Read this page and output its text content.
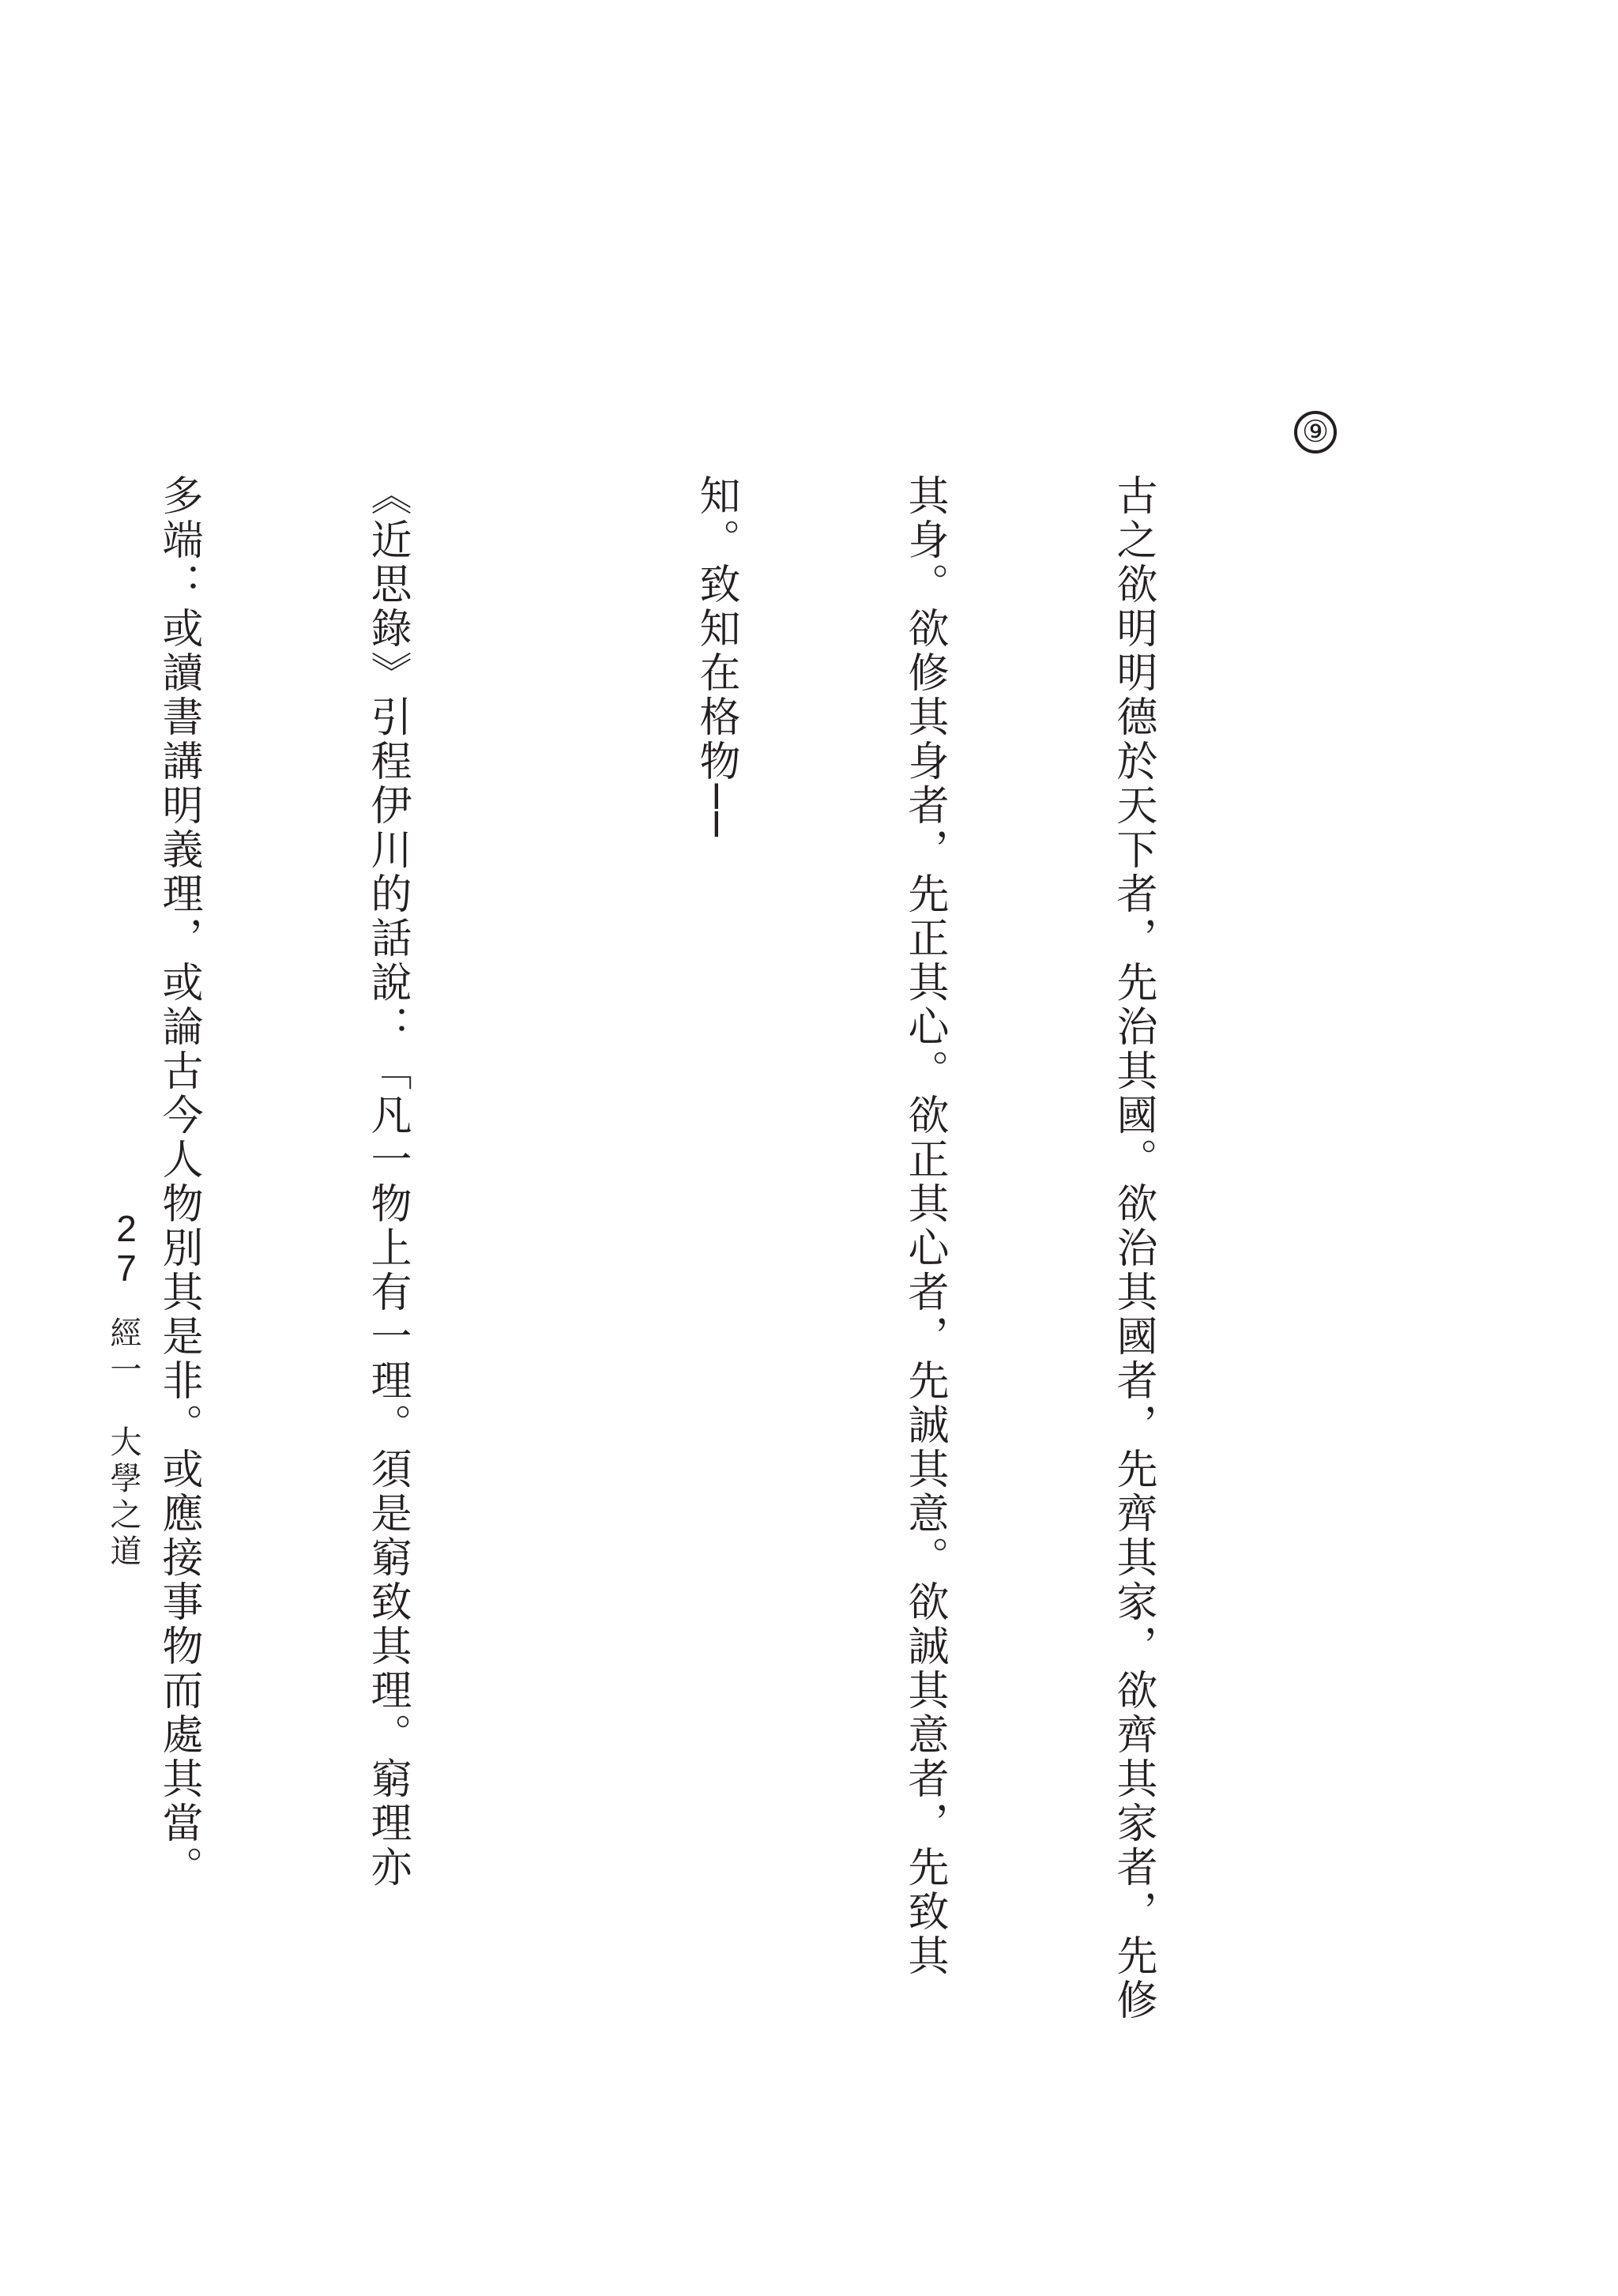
⑨

古之欲明明德於天下者，先治其國。欲治其國者，先齊其家，欲齊其家者，先修

其身。欲修其身者，先正其心。欲正其心者，先誠其意。欲誠其意者，先致其

知。致知在格物──

《近思錄》引程伊川的話說：「凡一物上有一理。須是窮致其理。窮理亦

多端：或讀書講明義理，或論古今人物別其是非。或應接事物而處其當。

經一　大學之道
27
